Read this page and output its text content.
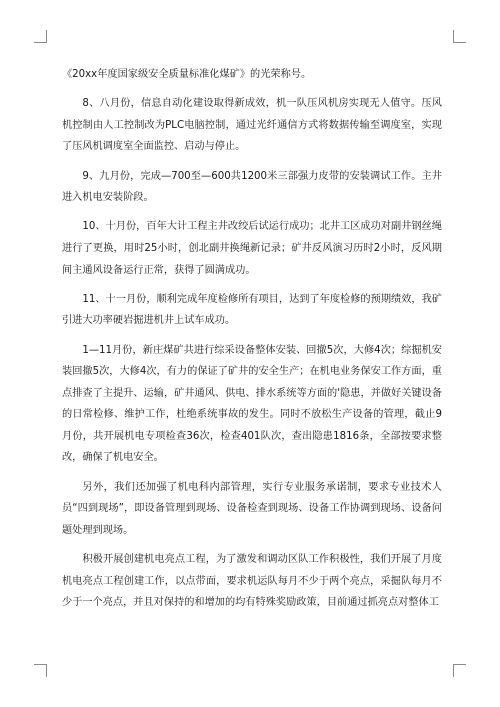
《20xx年度国家级安全质量标准化煤矿》的光荣称号。

8、八月份，信息自动化建设取得新成效，机一队压风机房实现无人值守。压风机控制由人工控制改为PLC电脑控制，通过光纤通信方式将数据传输至调度室，实现了压风机调度室全面监控、启动与停止。

9、九月份，完成—700至—600共1200米三部强力皮带的安装调试工作。主井进入机电安装阶段。

10、十月份，百年大计工程主井改绞后试运行成功；北井工区成功对副井钢丝绳进行了更换，用时25小时，创北副井换绳新记录；矿井反风演习历时2小时，反风期间主通风设备运行正常，获得了圆满成功。

11、十一月份，顺利完成年度检修所有项目，达到了年度检修的预期绩效，我矿引进大功率硬岩掘进机井上试车成功。

1—11月份，新庄煤矿共进行综采设备整体安装、回撤5次，大修4次；综掘机安装回撤5次，大修4次，有力的保证了矿井的安全生产；在机电业务保安工作方面，重点排查了主提升、运输，矿井通风、供电、排水系统等方面的'隐患，并做好关键设备的日常检修、维护工作，杜绝系统事故的发生。同时不放松生产设备的管理，截止9月份，共开展机电专项检查36次，检查401队次，查出隐患1816条，全部按要求整改，确保了机电安全。

另外，我们还加强了机电科内部管理，实行专业服务承诺制，要求专业技术人员“四到现场”，即设备管理到现场、设备检查到现场、设备工作协调到现场、设备问题处理到现场。

积极开展创建机电亮点工程，为了激发和调动区队工作积极性，我们开展了月度机电亮点工程创建工作，以点带面，要求机运队每月不少于两个亮点，采掘队每月不少于一个亮点，并且对保持的和增加的均有特殊奖励政策，目前通过抓亮点对整体工
